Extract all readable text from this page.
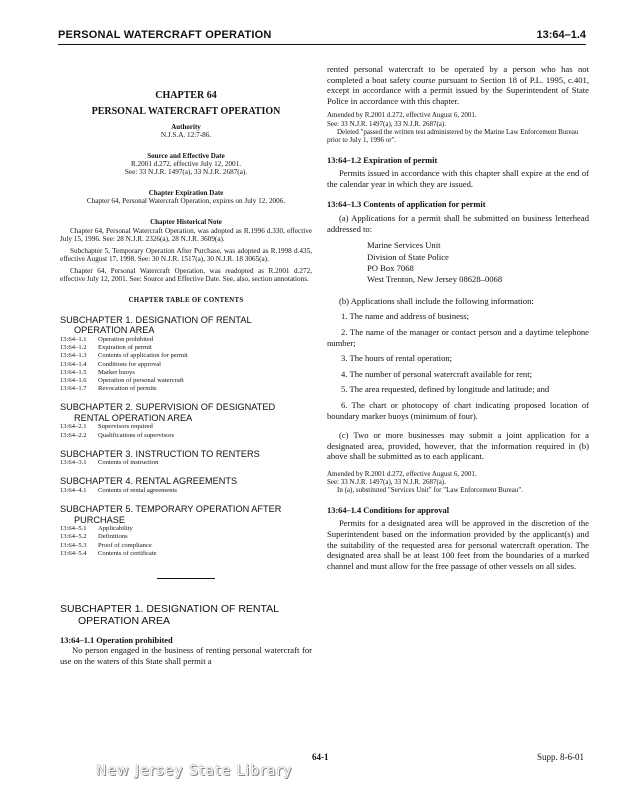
PERSONAL WATERCRAFT OPERATION	13:64–1.4
CHAPTER 64
PERSONAL WATERCRAFT OPERATION
Authority
N.J.S.A. 12:7-86.
Source and Effective Date
R.2001 d.272, effective July 12, 2001.
See: 33 N.J.R. 1497(a), 33 N.J.R. 2687(a).
Chapter Expiration Date
Chapter 64, Personal Watercraft Operation, expires on July 12, 2006.
Chapter Historical Note

Chapter 64, Personal Watercraft Operation, was adopted as R.1996 d.330, effective July 15, 1996. See: 28 N.J.R. 2326(a), 28 N.J.R. 3609(a).

Subchapter 5, Temporary Operation After Purchase, was adopted as R.1998 d.435, effective August 17, 1998. See: 30 N.J.R. 1517(a), 30 N.J.R. 18 3065(a).

Chapter 64, Personal Watercraft Operation, was readopted as R.2001 d.272, effective July 12, 2001. See: Source and Effective Date. See, also, section annotations.

CHAPTER TABLE OF CONTENTS
SUBCHAPTER 1. DESIGNATION OF RENTAL
OPERATION AREA
13:64–1.1	Operation prohibited
13:64–1.2	Expiration of permit
13:64–1.3	Contents of application for permit
13:64–1.4	Conditions for approval
13:64–1.5	Marker buoys
13:64–1.6	Operation of personal watercraft
13:64–1.7	Revocation of permits
SUBCHAPTER 2. SUPERVISION OF DESIGNATED
RENTAL OPERATION AREA
13:64–2.1	Supervisors required
13:64–2.2	Qualifications of supervisors
SUBCHAPTER 3. INSTRUCTION TO RENTERS
13:64–3.1	Contents of instruction
SUBCHAPTER 4. RENTAL AGREEMENTS
13:64–4.1	Contents of rental agreements
SUBCHAPTER 5. TEMPORARY OPERATION AFTER
PURCHASE
13:64–5.1	Applicability
13:64–5.2	Definitions
13:64–5.3	Proof of compliance
13:64–5.4	Contents of certificate
SUBCHAPTER 1. DESIGNATION OF RENTAL
OPERATION AREA
13:64–1.1 Operation prohibited

No person engaged in the business of renting personal watercraft for use on the waters of this State shall permit a

rented personal watercraft to be operated by a person who has not completed a boat safety course pursuant to Section 18 of P.L. 1995, c.401, except in accordance with a permit issued by the Superintendent of State Police in accordance with this chapter.

Amended by R.2001 d.272, effective August 6, 2001.
See: 33 N.J.R. 1497(a), 33 N.J.R. 2687(a).
Deleted "passed the written test administered by the Marine Law Enforcement Bureau prior to July 1, 1996 or".
13:64–1.2 Expiration of permit

Permits issued in accordance with this chapter shall expire at the end of the calendar year in which they are issued.

13:64–1.3 Contents of application for permit

(a) Applications for a permit shall be submitted on business letterhead addressed to:

Marine Services Unit
Division of State Police
PO Box 7068
West Trenton, New Jersey 08628–0068

(b) Applications shall include the following information:

1. The name and address of business;
2. The name of the manager or contact person and a daytime telephone number;
3. The hours of rental operation;
4. The number of personal watercraft available for rent;
5. The area requested, defined by longitude and latitude; and
6. The chart or photocopy of chart indicating proposed location of boundary marker buoys (minimum of four).

(c) Two or more businesses may submit a joint application for a designated area, provided, however, that the information required in (b) above shall be submitted as to each applicant.

Amended by R.2001 d.272, effective August 6, 2001.
See: 33 N.J.R. 1497(a), 33 N.J.R. 2687(a).
In (a), substituted "Services Unit" for "Law Enforcement Bureau".
13:64–1.4 Conditions for approval

Permits for a designated area will be approved in the discretion of the Superintendent based on the information provided by the applicant(s) and the suitability of the requested area for personal watercraft operation. The designated area shall be at least 100 feet from the boundaries of a marked channel and must allow for the free passage of other vessels on all sides.

64-1	Supp. 8-6-01
New Jersey State Library
